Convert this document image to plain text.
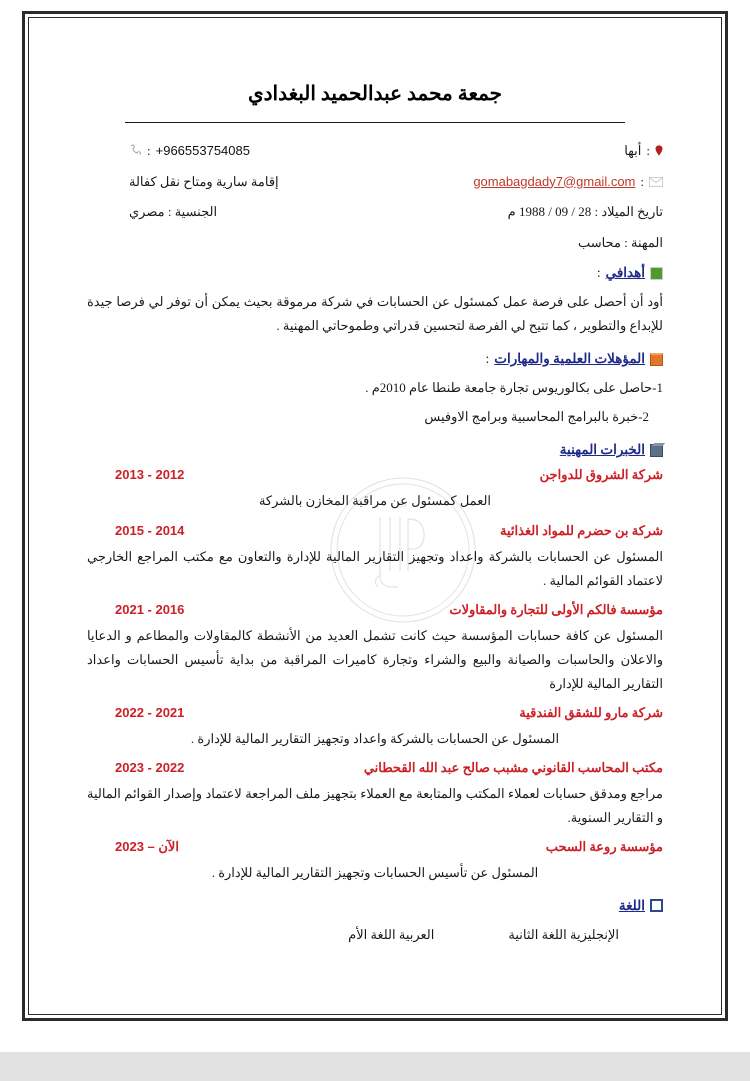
جمعة محمد عبدالحميد البغدادي
:
أبها
+966553754085
:
:
gomabagdady7@gmail.com
إقامة سارية ومتاح نقل كفالة
تاريخ الميلاد : 28 / 09 / 1988 م
الجنسية : مصري
المهنة : محاسب
أهدافي
:

أود أن أحصل على فرصة عمل كمسئول عن الحسابات في شركة مرموقة بحيث يمكن أن توفر لي فرصا جيدة للإبداع والتطوير ، كما تتيح لي الفرصة لتحسين قدراتي وطموحاتي المهنية .

المؤهلات العلمية والمهارات
:

1-حاصل على بكالوريوس تجارة جامعة طنطا عام 2010م .

2-خبرة بالبرامج المحاسبية وبرامج الاوفيس

الخبرات المهنية
شركة الشروق للدواجن
2013 - 2012

العمل كمسئول عن مراقبة المخازن بالشركة

شركة بن حضرم للمواد الغذائية
2015 - 2014

المسئول عن الحسابات بالشركة واعداد وتجهيز التقارير المالية للإدارة والتعاون مع مكتب المراجع الخارجي لاعتماد القوائم المالية .

مؤسسة فالكم الأولى للتجارة والمقاولات
2021 - 2016

المسئول عن كافة حسابات المؤسسة حيث كانت تشمل العديد من الأنشطة كالمقاولات والمطاعم و الدعايا والاعلان والحاسبات والصيانة والبيع والشراء وتجارة كاميرات المراقبة من بداية تأسيس الحسابات واعداد التقارير المالية للإدارة

شركة مارو للشقق الفندقية
2022 - 2021

المسئول عن الحسابات بالشركة واعداد وتجهيز التقارير المالية للإدارة .

مكتب المحاسب القانوني مشبب صالح عبد الله القحطاني
2023 - 2022

مراجع ومدقق حسابات لعملاء المكتب والمتابعة مع العملاء بتجهيز ملف المراجعة لاعتماد وإصدار القوائم المالية و التقارير السنوية.

مؤسسة روعة السحب
2023 – الآن

المسئول عن تأسيس الحسابات وتجهيز التقارير المالية للإدارة .

اللغة
الإنجليزية اللغة الثانية
العربية اللغة الأم
